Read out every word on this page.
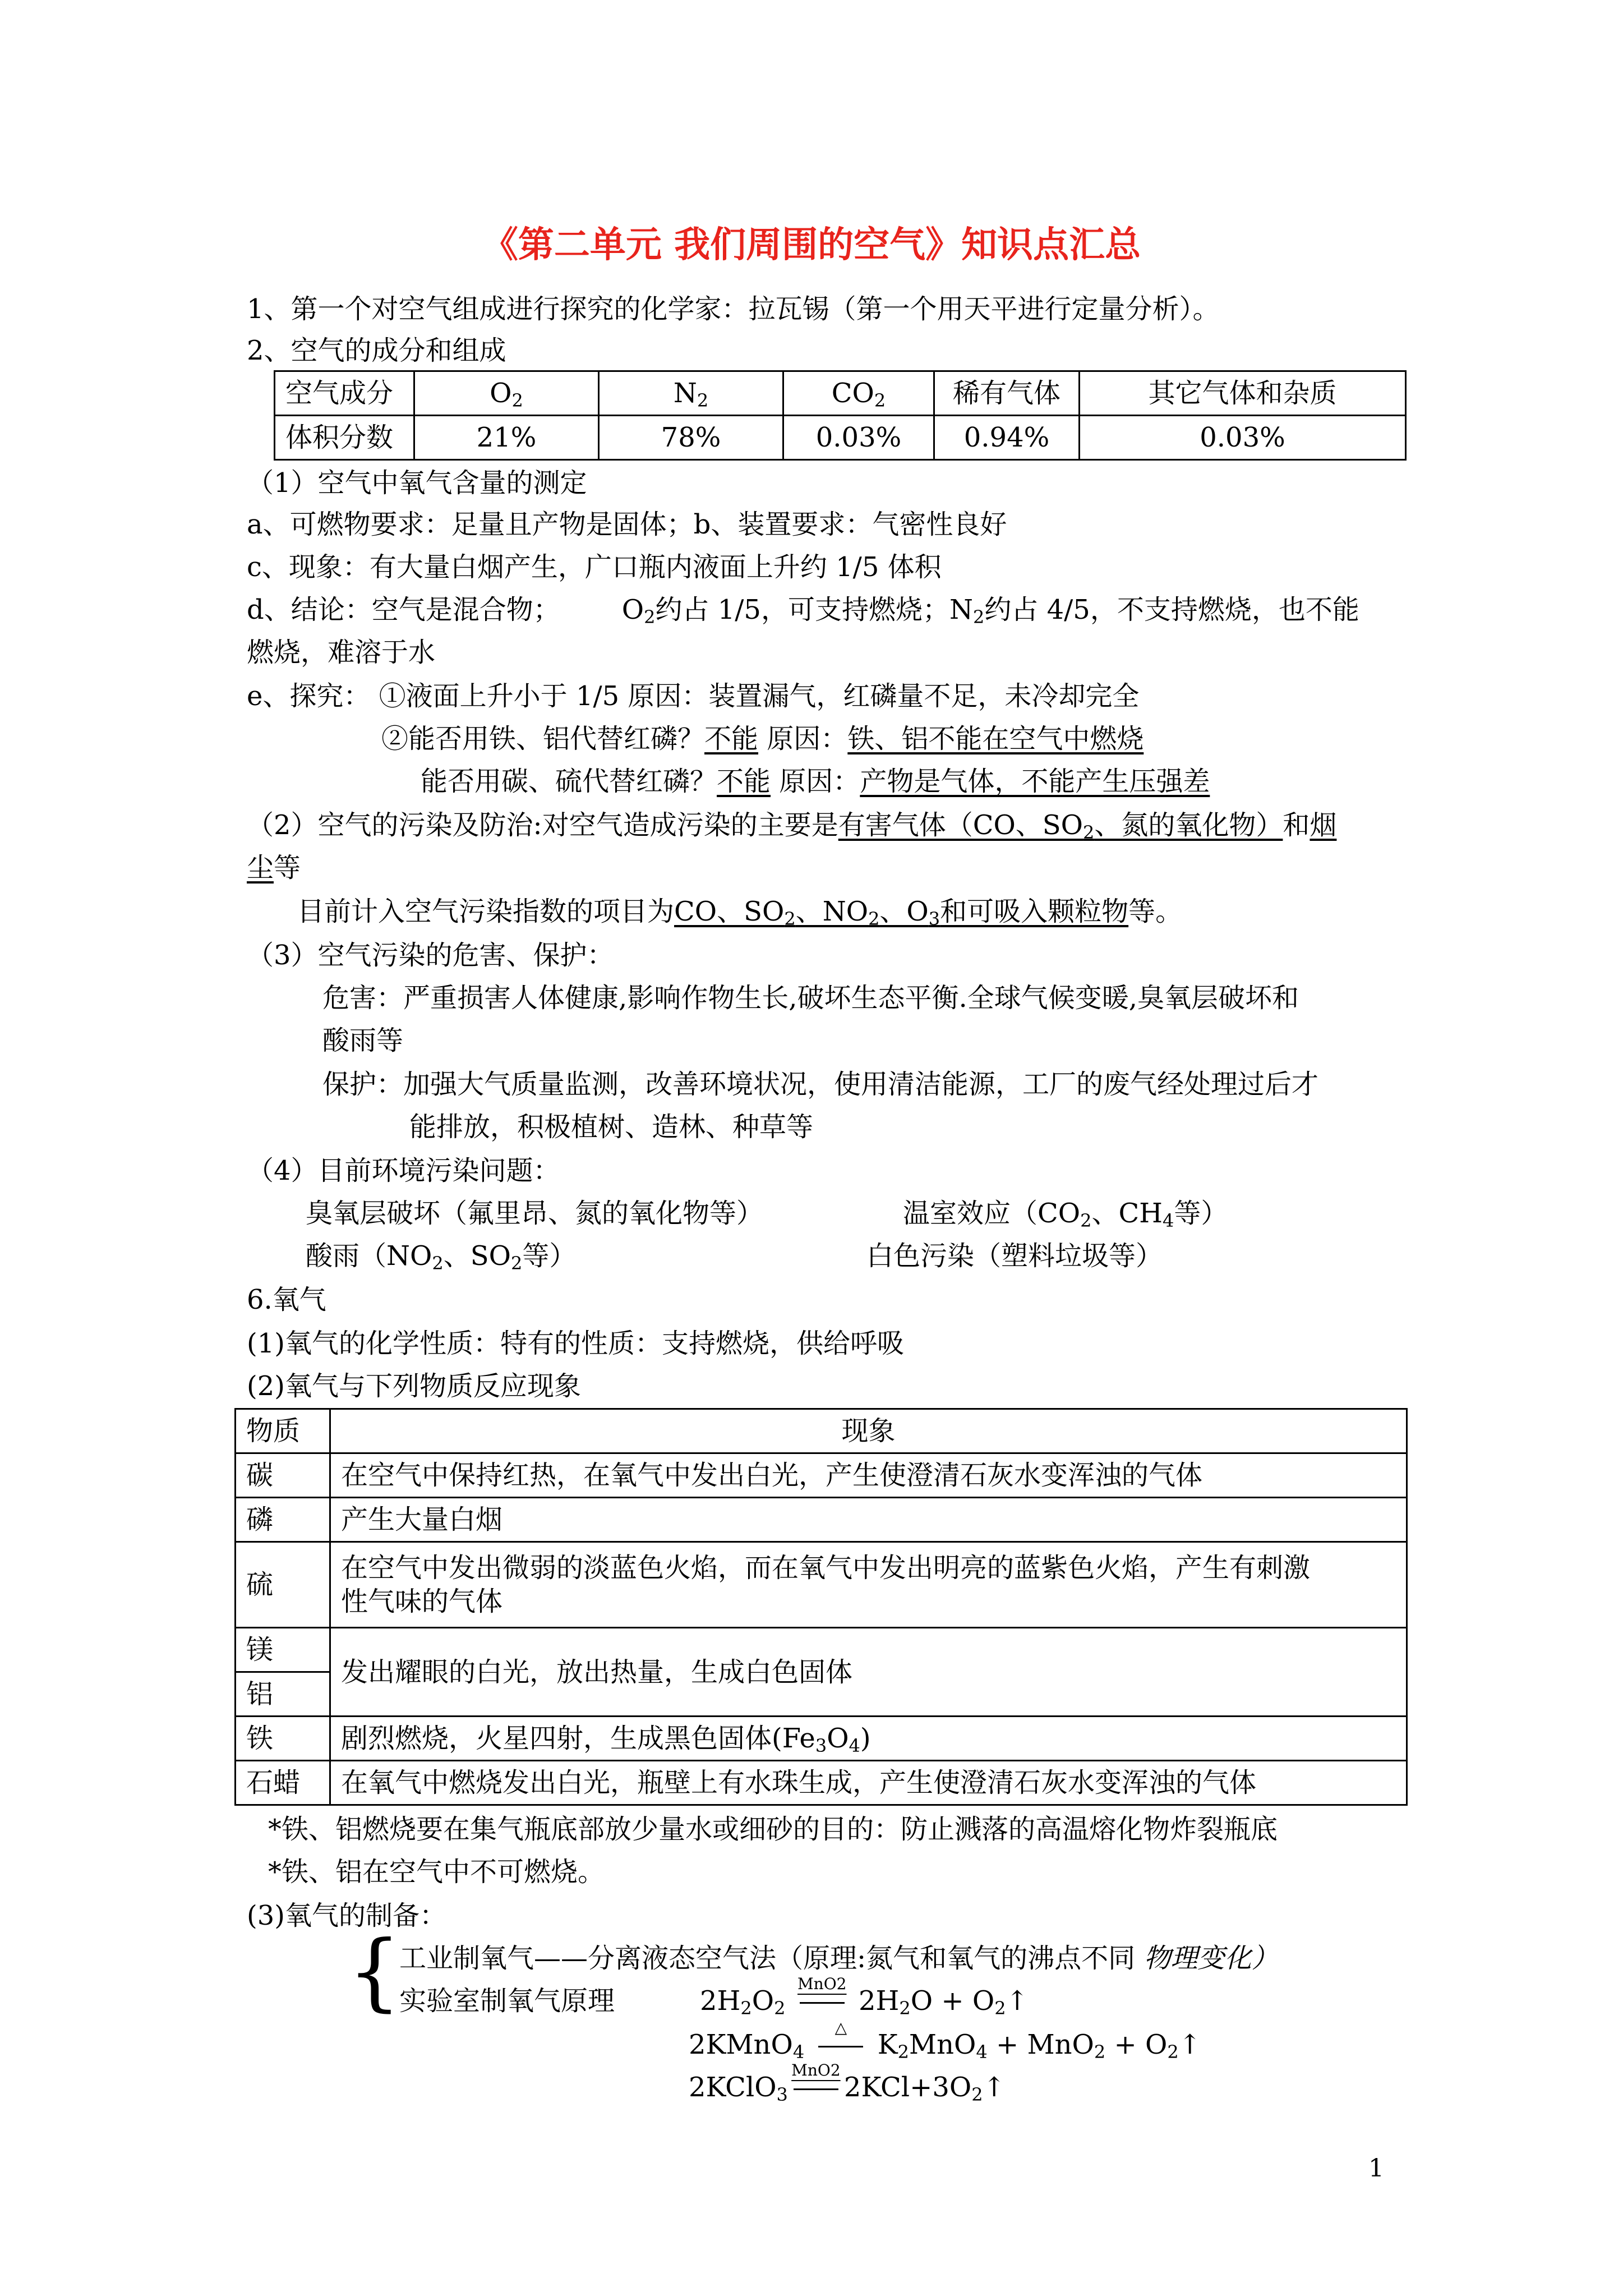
《第二单元 我们周围的空气》知识点汇总
1、第一个对空气组成进行探究的化学家：拉瓦锡（第一个用天平进行定量分析）。
2、空气的成分和组成
空气成分	$O_2$	$N_2$	$CO_2$	稀有气体	其它气体和杂质
体积分数	21%	78%	0.03%	0.94%	0.03%
（1）空气中氧气含量的测定
a、可燃物要求：足量且产物是固体；b、装置要求：气密性良好
c、现象：有大量白烟产生，广口瓶内液面上升约 1/5 体积
d、结论：空气是混合物； $O_2$约占 1/5，可支持燃烧；$N_2$约占 4/5，不支持燃烧，也不能
燃烧，难溶于水
e、探究： ①液面上升小于 1/5 原因：装置漏气，红磷量不足，未冷却完全
②能否用铁、铝代替红磷？不能 原因：铁、铝不能在空气中燃烧
能否用碳、硫代替红磷？不能 原因：产物是气体，不能产生压强差
（2）空气的污染及防治:对空气造成污染的主要是有害气体（CO、$SO_2$、氮的氧化物）和烟
尘等
目前计入空气污染指数的项目为CO、$SO_2$、$NO_2$、$O_3$和可吸入颗粒物等。
（3）空气污染的危害、保护：
危害：严重损害人体健康,影响作物生长,破坏生态平衡.全球气候变暖,臭氧层破坏和
酸雨等
保护：加强大气质量监测，改善环境状况，使用清洁能源，工厂的废气经处理过后才
能排放，积极植树、造林、种草等
（4）目前环境污染问题：
臭氧层破坏（氟里昂、氮的氧化物等）	温室效应（$CO_2$、$CH_4$等）
酸雨（$NO_2$、$SO_2$等）	白色污染（塑料垃圾等）
6.氧气
(1)氧气的化学性质：特有的性质：支持燃烧，供给呼吸
(2)氧气与下列物质反应现象
物质	现象
碳	在空气中保持红热，在氧气中发出白光，产生使澄清石灰水变浑浊的气体
磷	产生大量白烟
硫	在空气中发出微弱的淡蓝色火焰，而在氧气中发出明亮的蓝紫色火焰，产生有刺激
性气味的气体

镁	发出耀眼的白光，放出热量，生成白色固体
铝	
铁	剧烈燃烧，火星四射，生成黑色固体$(Fe_3O_4)$
石蜡	在氧气中燃烧发出白光，瓶壁上有水珠生成，产生使澄清石灰水变浑浊的气体
*铁、铝燃烧要在集气瓶底部放少量水或细砂的目的：防止溅落的高温熔化物炸裂瓶底
*铁、铝在空气中不可燃烧。
(3)氧气的制备：
{
工业制氧气——分离液态空气法（原理:氮气和氧气的沸点不同 物理变化）
实验室制氧气原理	$2H_2O_2$
MnO2
$2H_2O$ + $O_2↑$
2KMnO$_4$
△
$K_2MnO_4 + MnO_2$ + $O_2↑$
2KClO$_3$
MnO2
$2KCl+3O_2↑$
1
